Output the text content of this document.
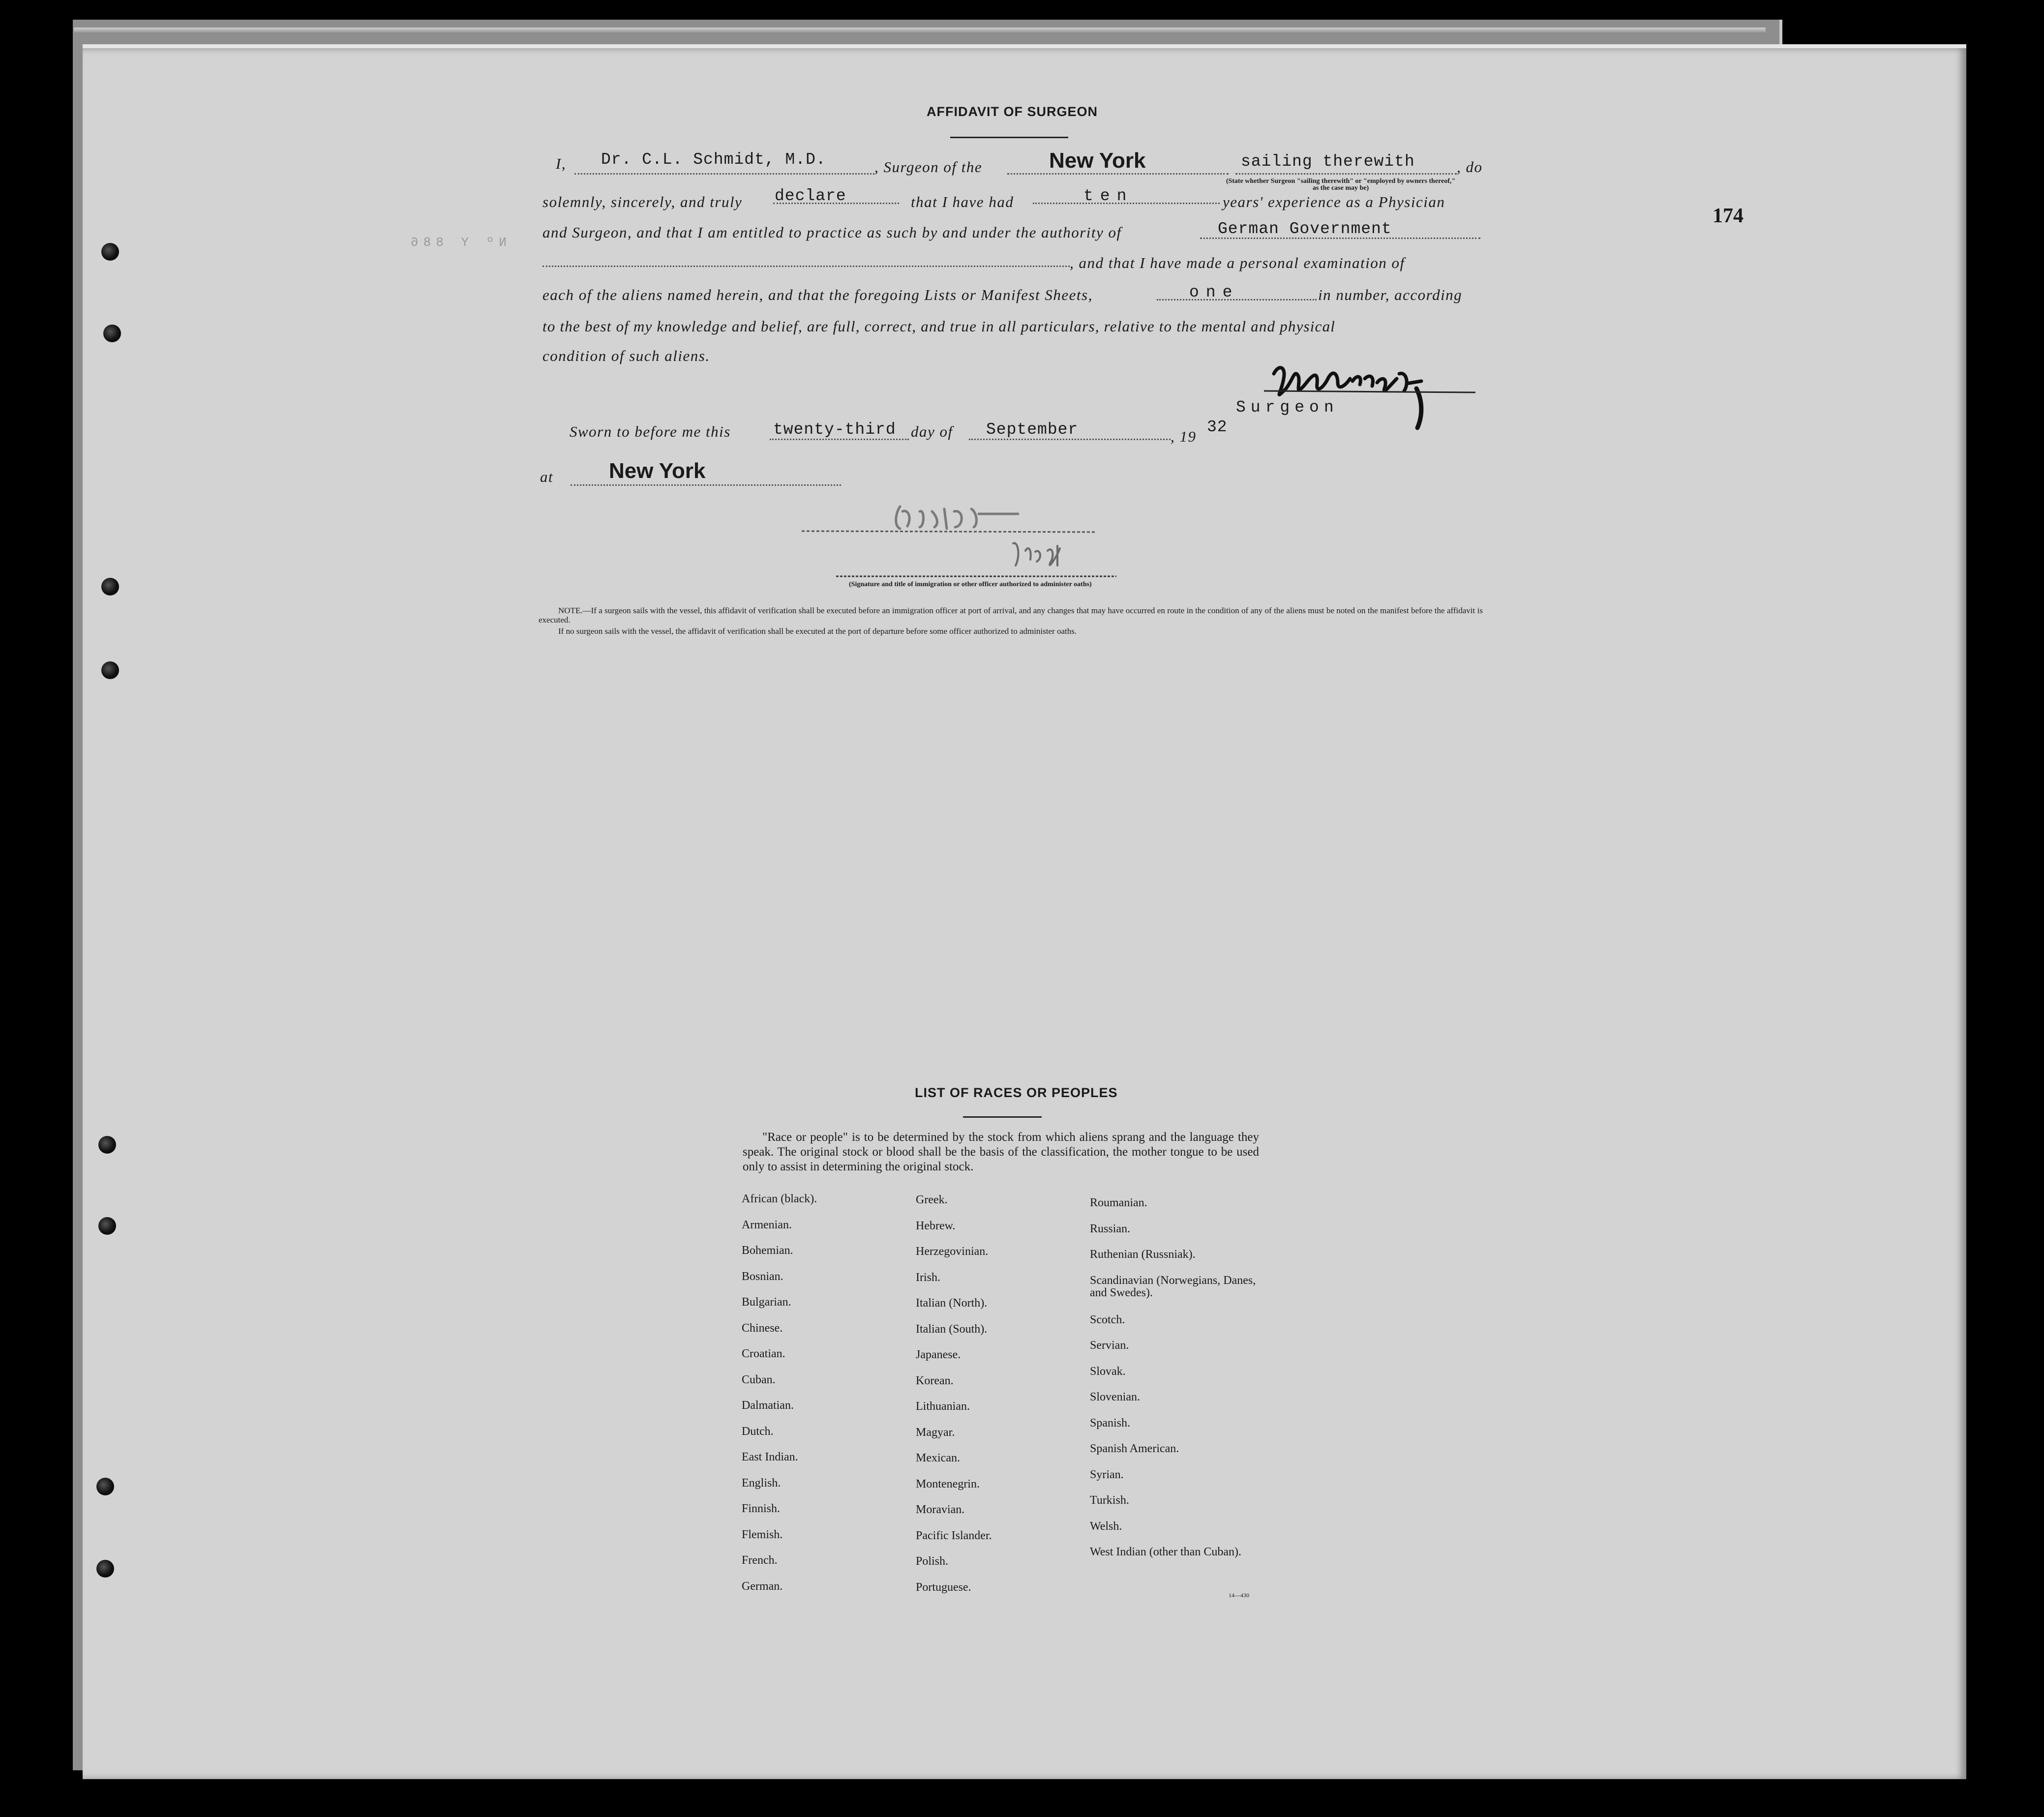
174
Nº Y 886
AFFIDAVIT OF SURGEON
I, Dr. C.L. Schmidt, M.D.	, Surgeon of the	New York	sailing therewith	, do
(State whether Surgeon "sailing therewith" or "employed by owners thereof," as the case may be)
solemnly, sincerely, and truly declare	that I have had	ten	years' experience as a Physician
and Surgeon, and that I am entitled to practice as such by and under the authority of	German Government
, and that I have made a personal examination of
each of the aliens named herein, and that the foregoing Lists or Manifest Sheets,	one	in number, according
to the best of my knowledge and belief, are full, correct, and true in all particulars, relative to the mental and physical
condition of such aliens.
Surgeon
Sworn to before me this	twenty-third day of September	, 19
32
at	New York
(Signature and title of immigration or other officer authorized to administer oaths)
NOTE.—If a surgeon sails with the vessel, this affidavit of verification shall be executed before an immigration officer at port of arrival, and any changes that may have occurred en route in the condition of any of the aliens must be noted on the manifest before the affidavit is executed.
If no surgeon sails with the vessel, the affidavit of verification shall be executed at the port of departure before some officer authorized to administer oaths.
LIST OF RACES OR PEOPLES
"Race or people" is to be determined by the stock from which aliens sprang and the language they speak. The original stock or blood shall be the basis of the classification, the mother tongue to be used only to assist in determining the original stock.
African (black).
Armenian.
Bohemian.
Bosnian.
Bulgarian.
Chinese.
Croatian.
Cuban.
Dalmatian.
Dutch.
East Indian.
English.
Finnish.
Flemish.
French.
German.
Greek.
Hebrew.
Herzegovinian.
Irish.
Italian (North).
Italian (South).
Japanese.
Korean.
Lithuanian.
Magyar.
Mexican.
Montenegrin.
Moravian.
Pacific Islander.
Polish.
Portuguese.
Roumanian.
Russian.
Ruthenian (Russniak).
Scandinavian (Norwegians, Danes, and Swedes).
Scotch.
Servian.
Slovak.
Slovenian.
Spanish.
Spanish American.
Syrian.
Turkish.
Welsh.
West Indian (other than Cuban).
14—430
